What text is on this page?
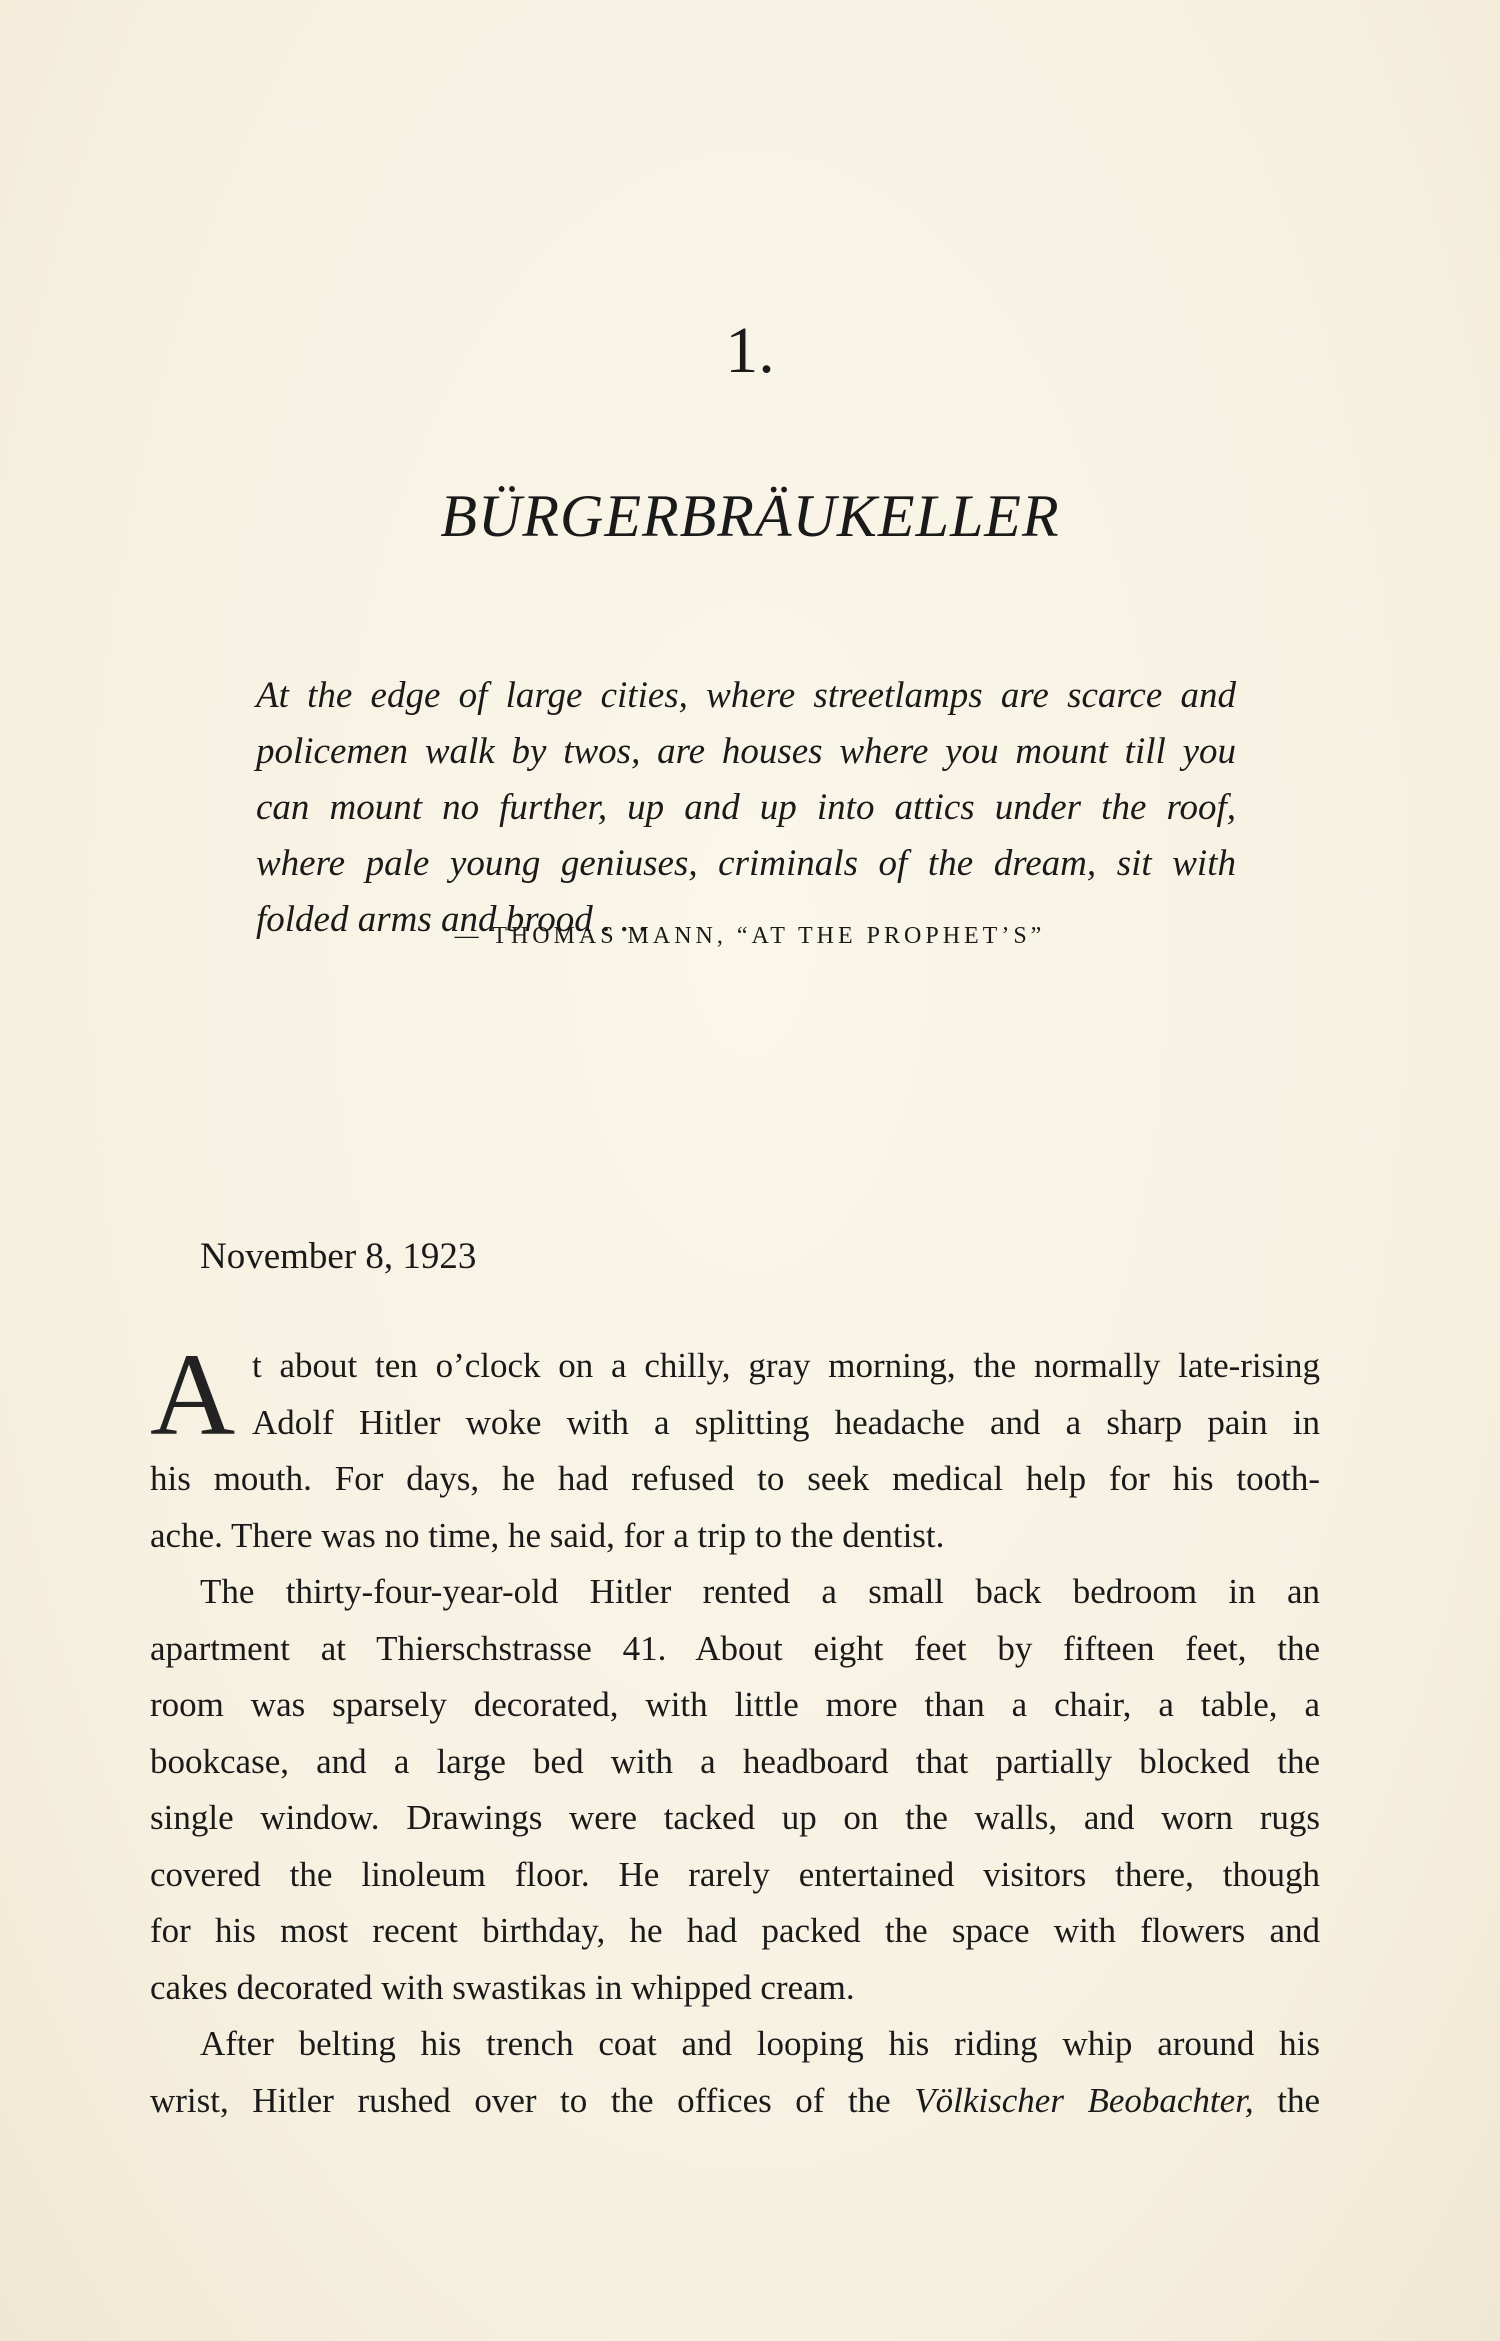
1.
BÜRGERBRÄUKELLER
At the edge of large cities, where streetlamps are scarce and
policemen walk by twos, are houses where you mount till you
can mount no further, up and up into attics under the roof,
where pale young geniuses, criminals of the dream, sit with
folded arms and brood . . .
— THOMAS MANN, “AT THE PROPHET’S”
November 8, 1923
A t about ten o’clock on a chilly, gray morning, the normally late-rising
Adolf Hitler woke with a splitting headache and a sharp pain in
his mouth. For days, he had refused to seek medical help for his tooth-
ache. There was no time, he said, for a trip to the dentist.
The thirty-four-year-old Hitler rented a small back bedroom in an
apartment at Thierschstrasse 41. About eight feet by fifteen feet, the
room was sparsely decorated, with little more than a chair, a table, a
bookcase, and a large bed with a headboard that partially blocked the
single window. Drawings were tacked up on the walls, and worn rugs
covered the linoleum floor. He rarely entertained visitors there, though
for his most recent birthday, he had packed the space with flowers and
cakes decorated with swastikas in whipped cream.
After belting his trench coat and looping his riding whip around his
wrist, Hitler rushed over to the offices of the Völkischer Beobachter, the
